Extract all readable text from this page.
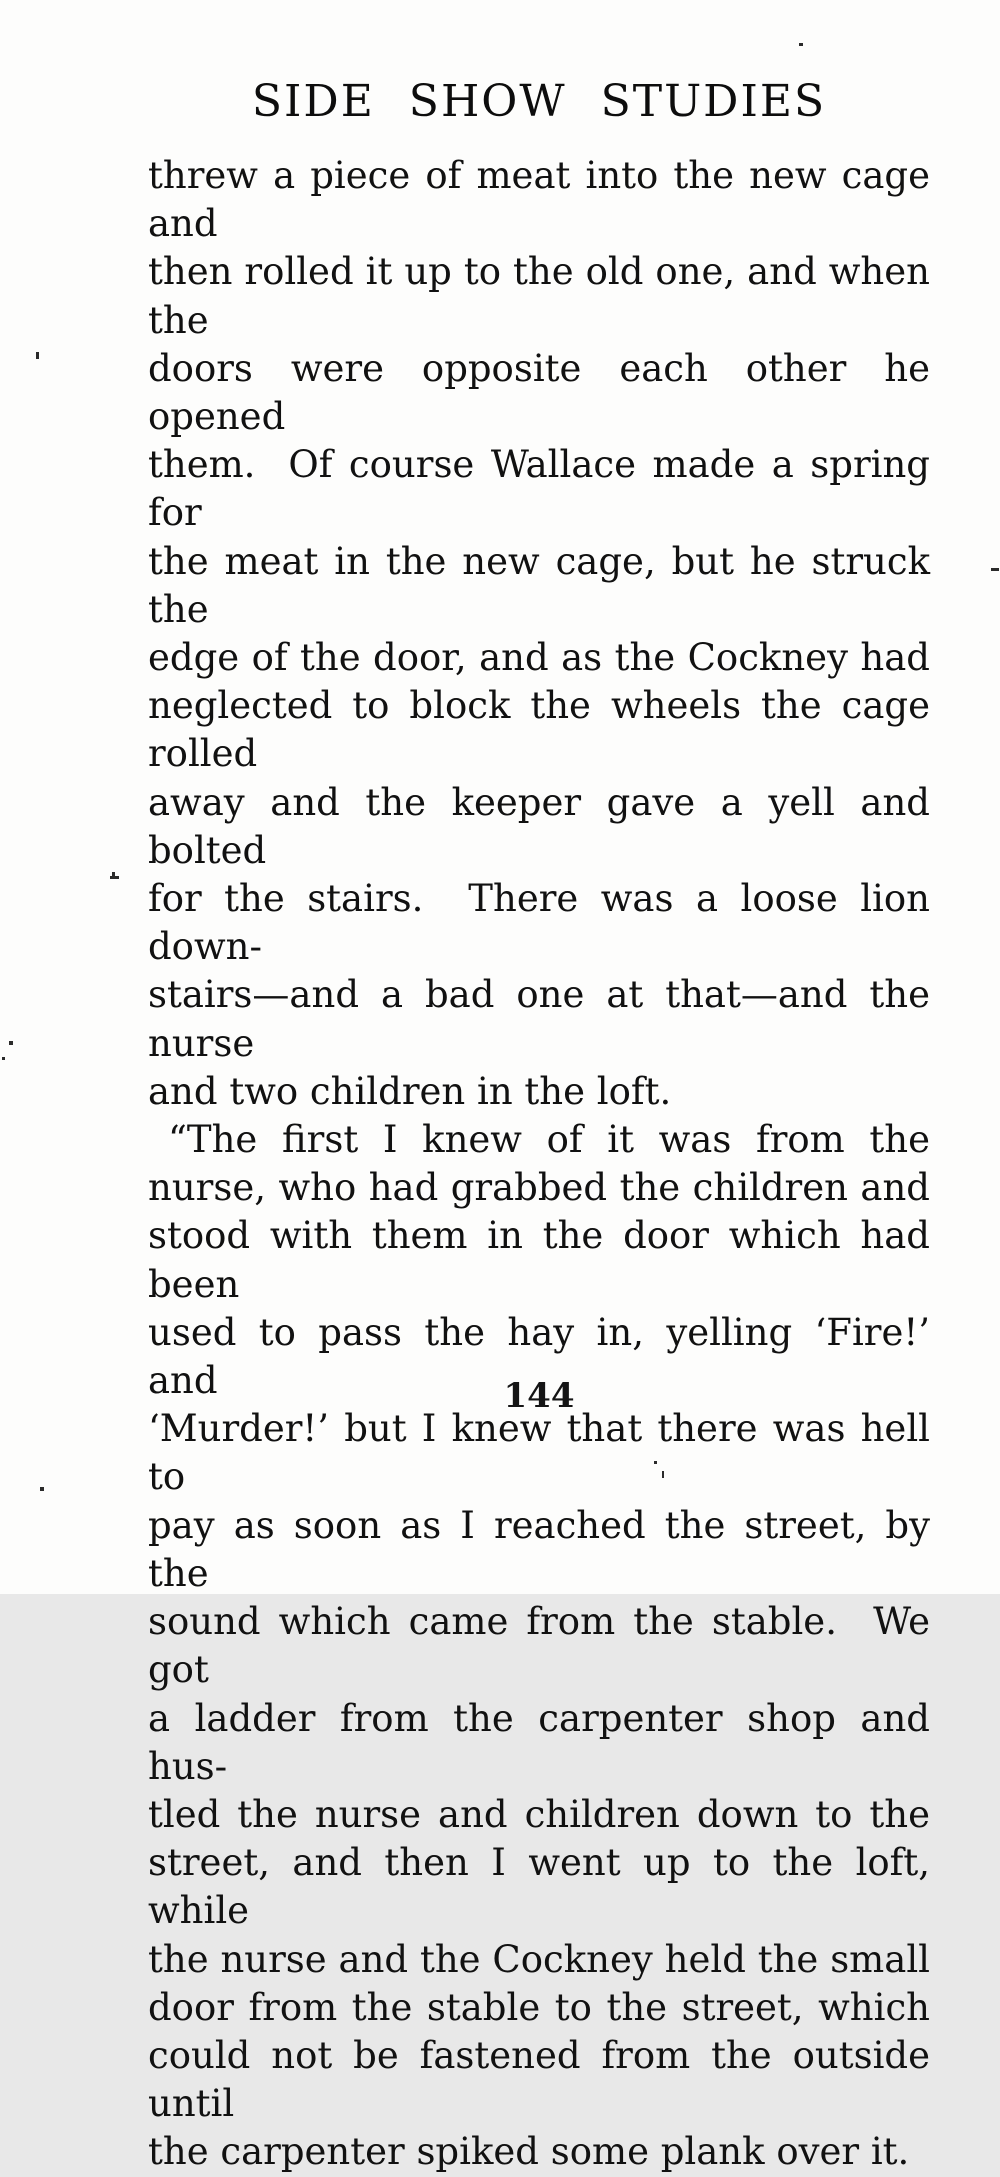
SIDE SHOW STUDIES
threw a piece of meat into the new cage and
then rolled it up to the old one, and when the
doors were opposite each other he opened
them.  Of course Wallace made a spring for
the meat in the new cage, but he struck the
edge of the door, and as the Cockney had
neglected to block the wheels the cage rolled
away and the keeper gave a yell and bolted
for the stairs.  There was a loose lion down-
stairs—and a bad one at that—and the nurse
and two children in the loft.
“The first I knew of it was from the
nurse, who had grabbed the children and
stood with them in the door which had been
used to pass the hay in, yelling ‘Fire!’ and
‘Murder!’ but I knew that there was hell to
pay as soon as I reached the street, by the
sound which came from the stable.  We got
a ladder from the carpenter shop and hus-
tled the nurse and children down to the
street, and then I went up to the loft, while
the nurse and the Cockney held the small
door from the stable to the street, which
could not be fastened from the outside until
the carpenter spiked some plank over it.
144
